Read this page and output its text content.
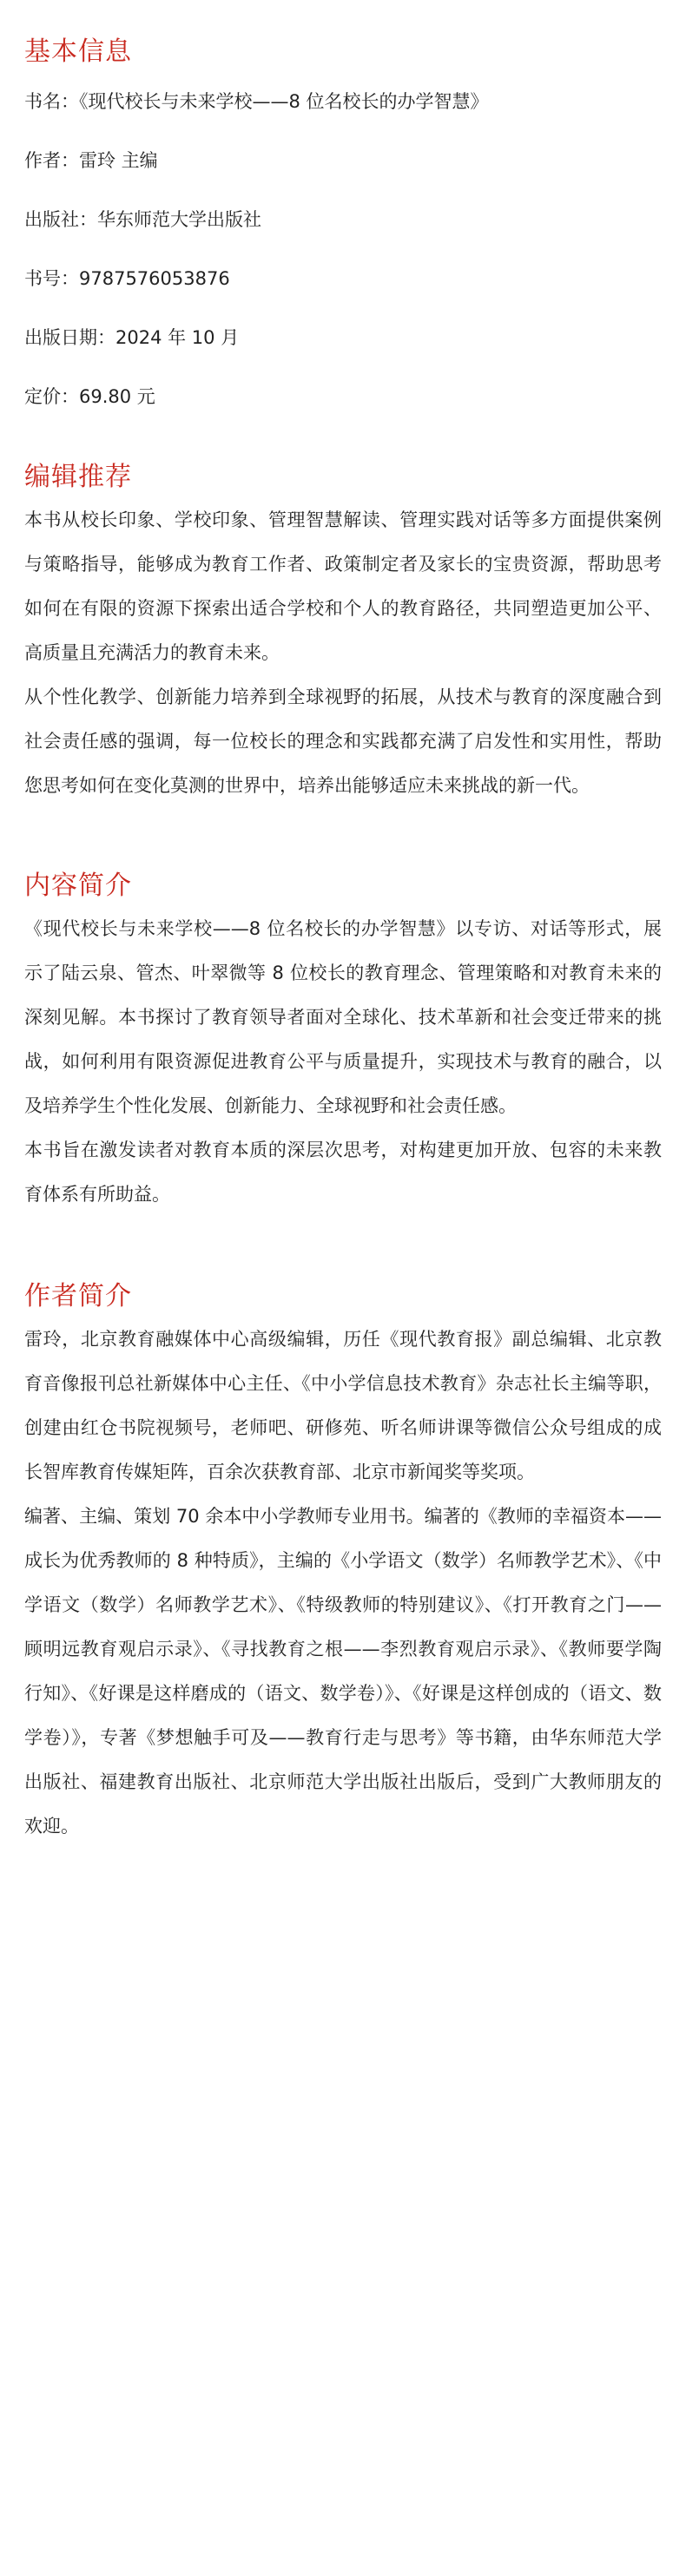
基本信息

书名：《现代校长与未来学校——8 位名校长的办学智慧》

作者：雷玲 主编

出版社：华东师范大学出版社

书号：9787576053876

出版日期：2024 年 10 月

定价：69.80 元

编辑推荐

本书从校长印象、学校印象、管理智慧解读、管理实践对话等多方面提供案例与策略指导，能够成为教育工作者、政策制定者及家长的宝贵资源，帮助思考如何在有限的资源下探索出适合学校和个人的教育路径，共同塑造更加公平、高质量且充满活力的教育未来。

从个性化教学、创新能力培养到全球视野的拓展，从技术与教育的深度融合到社会责任感的强调，每一位校长的理念和实践都充满了启发性和实用性，帮助您思考如何在变化莫测的世界中，培养出能够适应未来挑战的新一代。

内容简介

《现代校长与未来学校——8 位名校长的办学智慧》以专访、对话等形式，展示了陆云泉、管杰、叶翠微等 8 位校长的教育理念、管理策略和对教育未来的深刻见解。本书探讨了教育领导者面对全球化、技术革新和社会变迁带来的挑战，如何利用有限资源促进教育公平与质量提升，实现技术与教育的融合，以及培养学生个性化发展、创新能力、全球视野和社会责任感。

本书旨在激发读者对教育本质的深层次思考，对构建更加开放、包容的未来教育体系有所助益。

作者简介

雷玲，北京教育融媒体中心高级编辑，历任《现代教育报》副总编辑、北京教育音像报刊总社新媒体中心主任、《中小学信息技术教育》杂志社长主编等职，创建由红仓书院视频号，老师吧、研修苑、听名师讲课等微信公众号组成的成长智库教育传媒矩阵，百余次获教育部、北京市新闻奖等奖项。

编著、主编、策划 70 余本中小学教师专业用书。编著的《教师的幸福资本——成长为优秀教师的 8 种特质》，主编的《小学语文（数学）名师教学艺术》、《中学语文（数学）名师教学艺术》、《特级教师的特别建议》、《打开教育之门——顾明远教育观启示录》、《寻找教育之根——李烈教育观启示录》、《教师要学陶行知》、《好课是这样磨成的（语文、数学卷）》、《好课是这样创成的（语文、数学卷）》，专著《梦想触手可及——教育行走与思考》等书籍，由华东师范大学出版社、福建教育出版社、北京师范大学出版社出版后，受到广大教师朋友的欢迎。
